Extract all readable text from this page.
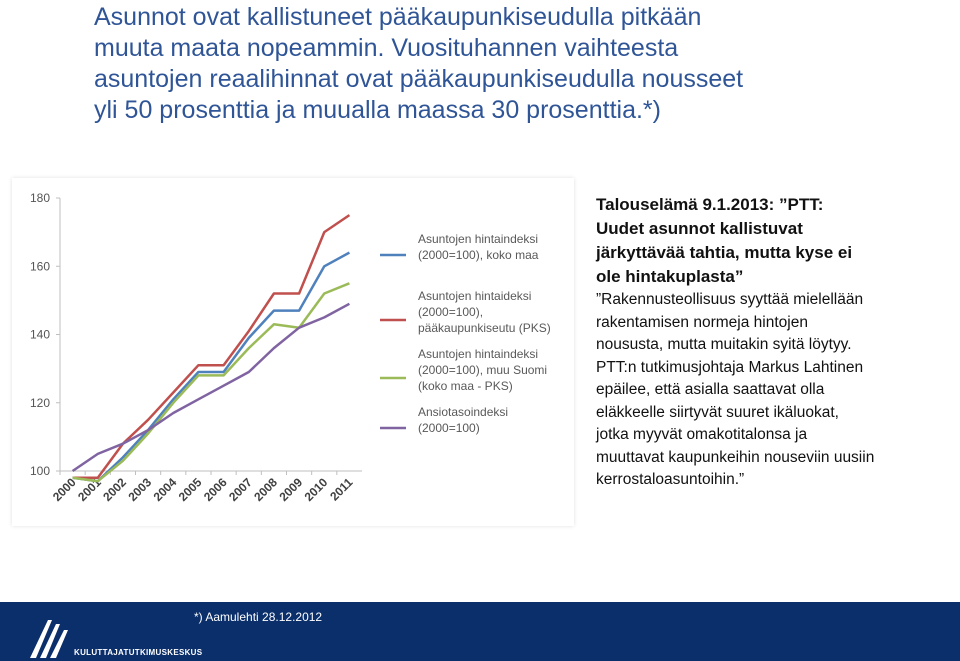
Asunnot ovat kallistuneet pääkaupunkiseudulla pitkään
muuta maata nopeammin. Vuosituhannen vaihteesta
asuntojen reaalihinnat ovat pääkaupunkiseudulla nousseet
yli 50 prosenttia ja muualla maassa 30 prosenttia.*)
100
120
140
160
180
2000
2001
2002
2003
2004
2005
2006
2007
2008
2009
2010
2011
Asuntojen hintaindeksi
(2000=100), koko maa
Asuntojen hintaideksi
(2000=100),
pääkaupunkiseutu (PKS)
Asuntojen hintaindeksi
(2000=100), muu Suomi
(koko maa - PKS)
Ansiotasoindeksi
(2000=100)
Talouselämä 9.1.2013: ”PTT:
Uudet asunnot kallistuvat
järkyttävää tahtia, mutta kyse ei
ole hintakuplasta”
”Rakennusteollisuus syyttää mielellään
rakentamisen normeja hintojen
noususta, mutta muitakin syitä löytyy.
PTT:n tutkimusjohtaja Markus Lahtinen
epäilee, että asialla saattavat olla
eläkkeelle siirtyvät suuret ikäluokat,
jotka myyvät omakotitalonsa ja
muuttavat kaupunkeihin nouseviin uusiin
kerrostaloasuntoihin.”
*) Aamulehti 28.12.2012
KULUTTAJATUTKIMUSKESKUS
